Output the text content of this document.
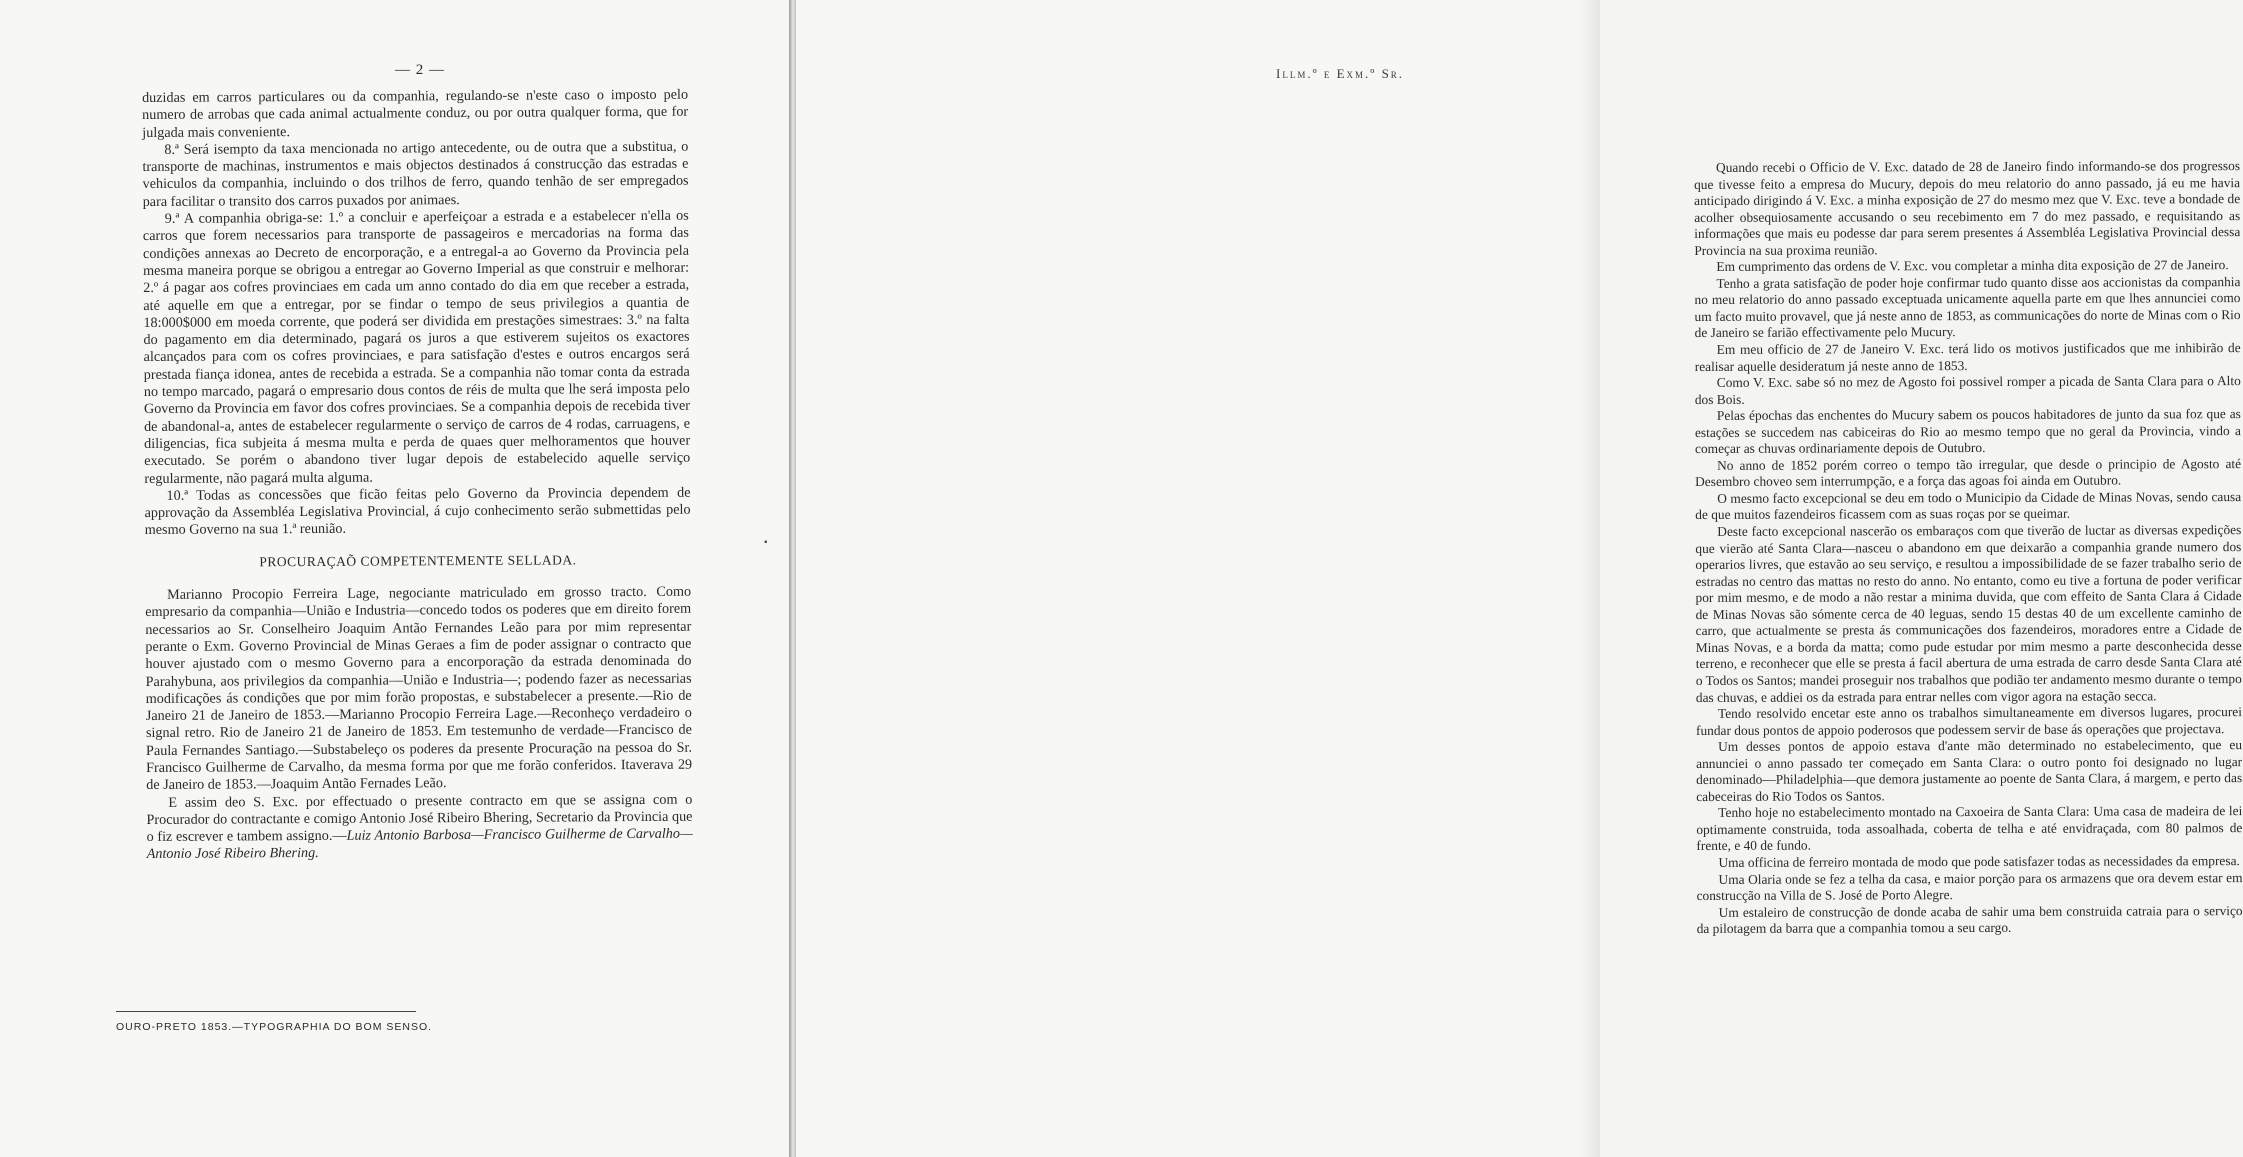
— 2 —

duzidas em carros particulares ou da companhia, regulando-se n'este caso o imposto pelo numero de arrobas que cada animal actualmente conduz, ou por outra qualquer forma, que for julgada mais conveniente.

8.ª Será isempto da taxa mencionada no artigo antecedente, ou de outra que a substitua, o transporte de machinas, instrumentos e mais objectos destinados á construcção das estradas e vehiculos da companhia, incluindo o dos trilhos de ferro, quando tenhão de ser empregados para facilitar o transito dos carros puxados por animaes.

9.ª A companhia obriga-se: 1.º a concluir e aperfeiçoar a estrada e a estabelecer n'ella os carros que forem necessarios para transporte de passageiros e mercadorias na forma das condições annexas ao Decreto de encorporação, e a entregal-a ao Governo da Provincia pela mesma maneira porque se obrigou a entregar ao Governo Imperial as que construir e melhorar: 2.º á pagar aos cofres provinciaes em cada um anno contado do dia em que receber a estrada, até aquelle em que a entregar, por se findar o tempo de seus privilegios a quantia de 18:000$000 em moeda corrente, que poderá ser dividida em prestações simestraes: 3.º na falta do pagamento em dia determinado, pagará os juros a que estiverem sujeitos os exactores alcançados para com os cofres provinciaes, e para satisfação d'estes e outros encargos será prestada fiança idonea, antes de recebida a estrada. Se a companhia não tomar conta da estrada no tempo marcado, pagará o empresario dous contos de réis de multa que lhe será imposta pelo Governo da Provincia em favor dos cofres provinciaes. Se a companhia depois de recebida tiver de abandonal-a, antes de estabelecer regularmente o serviço de carros de 4 rodas, carruagens, e diligencias, fica subjeita á mesma multa e perda de quaes quer melhoramentos que houver executado. Se porém o abandono tiver lugar depois de estabelecido aquelle serviço regularmente, não pagará multa alguma.

10.ª Todas as concessões que ficão feitas pelo Governo da Provincia dependem de approvação da Assembléa Legislativa Provincial, á cujo conhecimento serão submettidas pelo mesmo Governo na sua 1.ª reunião.

PROCURAÇAÕ COMPETENTEMENTE SELLADA.

Marianno Procopio Ferreira Lage, negociante matriculado em grosso tracto. Como empresario da companhia—União e Industria—concedo todos os poderes que em direito forem necessarios ao Sr. Conselheiro Joaquim Antão Fernandes Leão para por mim representar perante o Exm. Governo Provincial de Minas Geraes a fim de poder assignar o contracto que houver ajustado com o mesmo Governo para a encorporação da estrada denominada do Parahybuna, aos privilegios da companhia—União e Industria—; podendo fazer as necessarias modificações ás condições que por mim forão propostas, e substabelecer a presente.—Rio de Janeiro 21 de Janeiro de 1853.—Marianno Procopio Ferreira Lage.—Reconheço verdadeiro o signal retro. Rio de Janeiro 21 de Janeiro de 1853. Em testemunho de verdade—Francisco de Paula Fernandes Santiago.—Substabeleço os poderes da presente Procuração na pessoa do Sr. Francisco Guilherme de Carvalho, da mesma forma por que me forão conferidos. Itaverava 29 de Janeiro de 1853.—Joaquim Antão Fernades Leão.

E assim deo S. Exc. por effectuado o presente contracto em que se assigna com o Procurador do contractante e comigo Antonio José Ribeiro Bhering, Secretario da Provincia que o fiz escrever e tambem assigno.—Luiz Antonio Barbosa—Francisco Guilherme de Carvalho—Antonio José Ribeiro Bhering.

OURO-PRETO 1853.—TYPOGRAPHIA DO BOM SENSO.
▪

Quando recebi o Officio de V. Exc. datado de 28 de Janeiro findo informando-se dos progressos que tivesse feito a empresa do Mucury, depois do meu relatorio do anno passado, já eu me havia anticipado dirigindo á V. Exc. a minha exposição de 27 do mesmo mez que V. Exc. teve a bondade de acolher obsequiosamente accusando o seu recebimento em 7 do mez passado, e requisitando as informações que mais eu podesse dar para serem presentes á Assembléa Legislativa Provincial dessa Provincia na sua proxima reunião.

Em cumprimento das ordens de V. Exc. vou completar a minha dita exposição de 27 de Janeiro.

Tenho a grata satisfação de poder hoje confirmar tudo quanto disse aos accionistas da companhia no meu relatorio do anno passado exceptuada unicamente aquella parte em que lhes annunciei como um facto muito provavel, que já neste anno de 1853, as communicações do norte de Minas com o Rio de Janeiro se farião effectivamente pelo Mucury.

Em meu officio de 27 de Janeiro V. Exc. terá lido os motivos justificados que me inhibirão de realisar aquelle desideratum já neste anno de 1853.

Como V. Exc. sabe só no mez de Agosto foi possivel romper a picada de Santa Clara para o Alto dos Bois.

Pelas épochas das enchentes do Mucury sabem os poucos habitadores de junto da sua foz que as estações se succedem nas cabiceiras do Rio ao mesmo tempo que no geral da Provincia, vindo a começar as chuvas ordinariamente depois de Outubro.

No anno de 1852 porém correo o tempo tão irregular, que desde o principio de Agosto até Desembro choveo sem interrumpção, e a força das agoas foi ainda em Outubro.

O mesmo facto excepcional se deu em todo o Municipio da Cidade de Minas Novas, sendo causa de que muitos fazendeiros ficassem com as suas roças por se queimar.

Deste facto excepcional nascerão os embaraços com que tiverão de luctar as diversas expedições que vierão até Santa Clara—nasceu o abandono em que deixarão a companhia grande numero dos operarios livres, que estavão ao seu serviço, e resultou a impossibilidade de se fazer trabalho serio de estradas no centro das mattas no resto do anno. No entanto, como eu tive a fortuna de poder verificar por mim mesmo, e de modo a não restar a minima duvida, que com effeito de Santa Clara á Cidade de Minas Novas são sómente cerca de 40 leguas, sendo 15 destas 40 de um excellente caminho de carro, que actualmente se presta ás communicações dos fazendeiros, moradores entre a Cidade de Minas Novas, e a borda da matta; como pude estudar por mim mesmo a parte desconhecida desse terreno, e reconhecer que elle se presta á facil abertura de uma estrada de carro desde Santa Clara até o Todos os Santos; mandei proseguir nos trabalhos que podião ter andamento mesmo durante o tempo das chuvas, e addiei os da estrada para entrar nelles com vigor agora na estação secca.

Tendo resolvido encetar este anno os trabalhos simultaneamente em diversos lugares, procurei fundar dous pontos de appoio poderosos que podessem servir de base ás operações que projectava.

Um desses pontos de appoio estava d'ante mão determinado no estabelecimento, que eu annunciei o anno passado ter começado em Santa Clara: o outro ponto foi designado no lugar denominado—Philadelphia—que demora justamente ao poente de Santa Clara, á margem, e perto das cabeceiras do Rio Todos os Santos.

Tenho hoje no estabelecimento montado na Caxoeira de Santa Clara: Uma casa de madeira de lei optimamente construida, toda assoalhada, coberta de telha e até envidraçada, com 80 palmos de frente, e 40 de fundo.

Uma officina de ferreiro montada de modo que pode satisfazer todas as necessidades da empresa.

Uma Olaria onde se fez a telha da casa, e maior porção para os armazens que ora devem estar em construcção na Villa de S. José de Porto Alegre.

Um estaleiro de construcção de donde acaba de sahir uma bem construida catraia para o serviço da pilotagem da barra que a companhia tomou a seu cargo.

Illm.º e Exm.º Sr.
